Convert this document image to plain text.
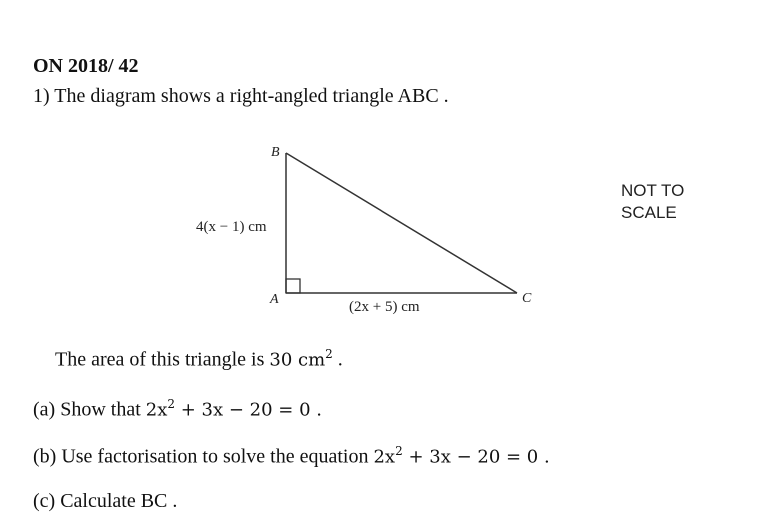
ON 2018/ 42
1) The diagram shows a right-angled triangle ABC .
B
A	C
4(x − 1) cm
(2x + 5) cm
NOT TO
SCALE
The area of this triangle is 30 $cm^2$ .
(a) Show that $2x^2 + 3x - 20 = 0$ .
(b) Use factorisation to solve the equation $2x^2 + 3x - 20 = 0$ .
(c) Calculate BC .
